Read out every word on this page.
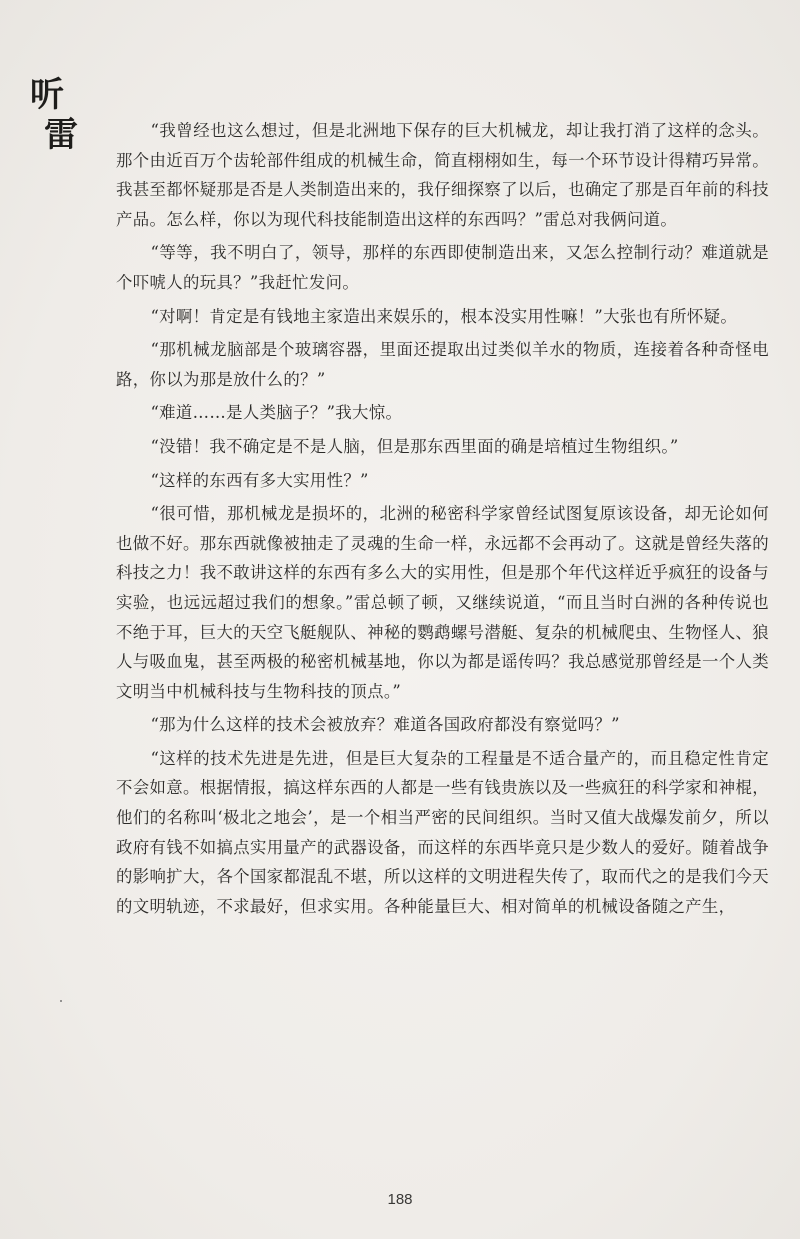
听
雷	“我曾经也这么想过，但是北洲地下保存的巨大机械龙，却让我打消了这样的念头。那个由近百万个齿轮部件组成的机械生命，简直栩栩如生，每一个环节设计得精巧异常。我甚至都怀疑那是否是人类制造出来的，我仔细探察了以后，也确定了那是百年前的科技产品。怎么样，你以为现代科技能制造出这样的东西吗？”雷总对我俩问道。

“等等，我不明白了，领导，那样的东西即使制造出来，又怎么控制行动？难道就是个吓唬人的玩具？”我赶忙发问。

“对啊！肯定是有钱地主家造出来娱乐的，根本没实用性嘛！”大张也有所怀疑。

“那机械龙脑部是个玻璃容器，里面还提取出过类似羊水的物质，连接着各种奇怪电路，你以为那是放什么的？”

“难道……是人类脑子？”我大惊。

“没错！我不确定是不是人脑，但是那东西里面的确是培植过生物组织。”

“这样的东西有多大实用性？”

“很可惜，那机械龙是损坏的，北洲的秘密科学家曾经试图复原该设备，却无论如何也做不好。那东西就像被抽走了灵魂的生命一样，永远都不会再动了。这就是曾经失落的科技之力！我不敢讲这样的东西有多么大的实用性，但是那个年代这样近乎疯狂的设备与实验，也远远超过我们的想象。”雷总顿了顿，又继续说道，“而且当时白洲的各种传说也不绝于耳，巨大的天空飞艇舰队、神秘的鹦鹉螺号潜艇、复杂的机械爬虫、生物怪人、狼人与吸血鬼，甚至两极的秘密机械基地，你以为都是谣传吗？我总感觉那曾经是一个人类文明当中机械科技与生物科技的顶点。”

“那为什么这样的技术会被放弃？难道各国政府都没有察觉吗？”

“这样的技术先进是先进，但是巨大复杂的工程量是不适合量产的，而且稳定性肯定不会如意。根据情报，搞这样东西的人都是一些有钱贵族以及一些疯狂的科学家和神棍，他们的名称叫‘极北之地会’，是一个相当严密的民间组织。当时又值大战爆发前夕，所以政府有钱不如搞点实用量产的武器设备，而这样的东西毕竟只是少数人的爱好。随着战争的影响扩大，各个国家都混乱不堪，所以这样的文明进程失传了，取而代之的是我们今天的文明轨迹，不求最好，但求实用。各种能量巨大、相对简单的机械设备随之产生，

188
